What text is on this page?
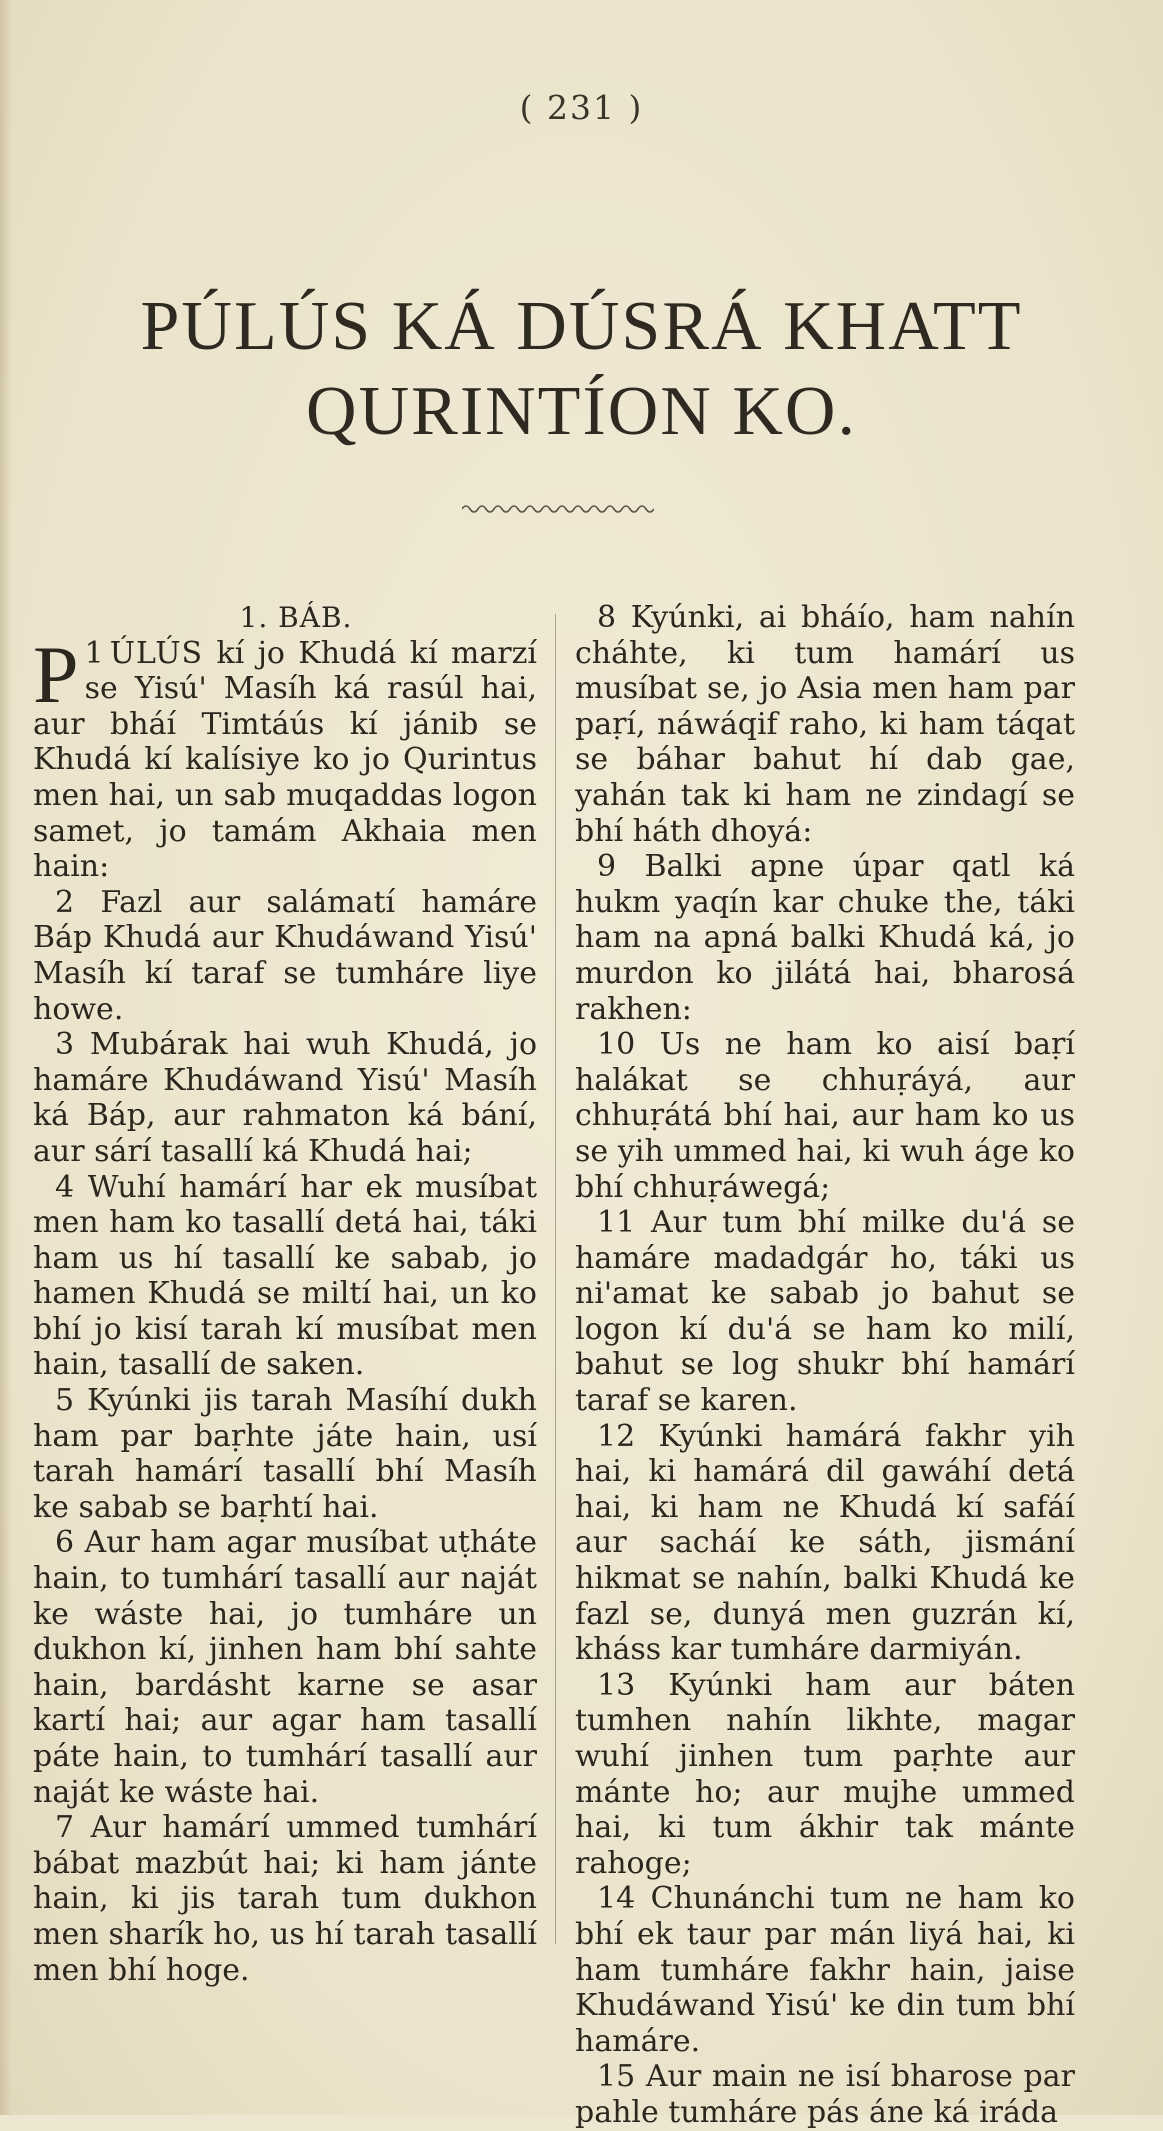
( 231 )
PÚLÚS KÁ DÚSRÁ KHATT
QURINTÍON KO.

1. BÁB.

1
P ÚLÚS kí jo Khudá kí marzí se Yisú' Masíh ká rasúl hai, aur bháí Timtáús kí jánib se Khudá kí kalísiye ko jo Qurintus men hai, un sab muqaddas logon samet, jo tamám Akhaia men hain:

2 Fazl aur salámatí hamáre Báp Khudá aur Khudáwand Yisú' Masíh kí taraf se tumháre liye howe.

3 Mubárak hai wuh Khudá, jo hamáre Khudáwand Yisú' Masíh ká Báp, aur rahmaton ká bání, aur sárí tasallí ká Khudá hai;

4 Wuhí hamárí har ek musíbat men ham ko tasallí detá hai, táki ham us hí tasallí ke sabab, jo hamen Khudá se miltí hai, un ko bhí jo kisí tarah kí musíbat men hain, tasallí de saken.

5 Kyúnki jis tarah Masíhí dukh ham par baṛhte játe hain, usí tarah hamárí tasallí bhí Masíh ke sabab se baṛhtí hai.

6 Aur ham agar musíbat uṭháte hain, to tumhárí tasallí aur naját ke wáste hai, jo tumháre un dukhon kí, jinhen ham bhí sahte hain, bardásht karne se asar kartí hai; aur agar ham tasallí páte hain, to tumhárí tasallí aur naját ke wáste hai.

7 Aur hamárí ummed tumhárí bábat mazbút hai; ki ham jánte hain, ki jis tarah tum dukhon men sharík ho, us hí tarah tasallí men bhí hoge.

8 Kyúnki, ai bháío, ham nahín cháhte, ki tum hamárí us musíbat se, jo Asia men ham par paṛí, náwáqif raho, ki ham táqat se báhar bahut hí dab gae, yahán tak ki ham ne zindagí se bhí háth dhoyá:

9 Balki apne úpar qatl ká hukm yaqín kar chuke the, táki ham na apná balki Khudá ká, jo murdon ko jilátá hai, bharosá rakhen:

10 Us ne ham ko aisí baṛí halákat se chhuṛáyá, aur chhuṛátá bhí hai, aur ham ko us se yih ummed hai, ki wuh áge ko bhí chhuṛáwegá;

11 Aur tum bhí milke du'á se hamáre madadgár ho, táki us ni'amat ke sabab jo bahut se logon kí du'á se ham ko milí, bahut se log shukr bhí hamárí taraf se karen.

12 Kyúnki hamárá fakhr yih hai, ki hamárá dil gawáhí detá hai, ki ham ne Khudá kí safáí aur sacháí ke sáth, jismání hikmat se nahín, balki Khudá ke fazl se, dunyá men guzrán kí, kháss kar tumháre darmiyán.

13 Kyúnki ham aur báten tumhen nahín likhte, magar wuhí jinhen tum paṛhte aur mánte ho; aur mujhe ummed hai, ki tum ákhir tak mánte rahoge;

14 Chunánchi tum ne ham ko bhí ek taur par mán liyá hai, ki ham tumháre fakhr hain, jaise Khudáwand Yisú' ke din tum bhí hamáre.

15 Aur main ne isí bharose par pahle tumháre pás áne ká iráda
